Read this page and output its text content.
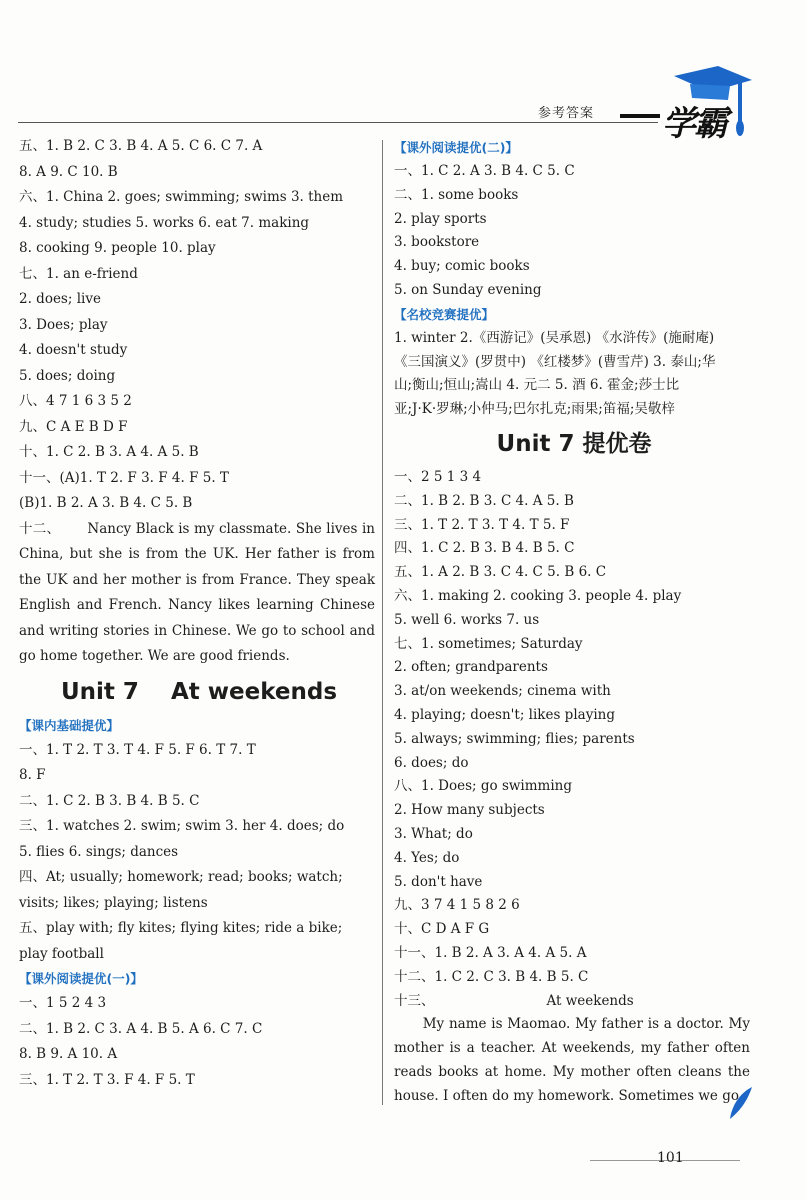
参考答案 学霸
五、1. B 2. C 3. B 4. A 5. C 6. C 7. A
8. A 9. C 10. B
六、1. China 2. goes; swimming; swims 3. them
4. study; studies 5. works 6. eat 7. making
8. cooking 9. people 10. play
七、1. an e-friend
2. does; live
3. Does; play
4. doesn't study
5. does; doing
八、4 7 1 6 3 5 2
九、C A E B D F
十、1. C 2. B 3. A 4. A 5. B
十一、(A)1. T 2. F 3. F 4. F 5. T
(B)1. B 2. A 3. B 4. C 5. B
十二、 Nancy Black is my classmate. She lives in China, but she is from the UK. Her father is from the UK and her mother is from France. They speak English and French. Nancy likes learning Chinese and writing stories in Chinese. We go to school and go home together. We are good friends.
Unit 7    At weekends
【课内基础提优】
一、1. T 2. T 3. T 4. F 5. F 6. T 7. T
8. F
二、1. C 2. B 3. B 4. B 5. C
三、1. watches 2. swim; swim 3. her 4. does; do
5. flies 6. sings; dances
四、At; usually; homework; read; books; watch;
visits; likes; playing; listens
五、play with; fly kites; flying kites; ride a bike;
play football
【课外阅读提优(一)】
一、1 5 2 4 3
二、1. B 2. C 3. A 4. B 5. A 6. C 7. C
8. B 9. A 10. A
三、1. T 2. T 3. F 4. F 5. T
【课外阅读提优(二)】
一、1. C 2. A 3. B 4. C 5. C
二、1. some books
2. play sports
3. bookstore
4. buy; comic books
5. on Sunday evening
【名校竞赛提优】
1. winter 2.《西游记》(吴承恩) 《水浒传》(施耐庵)
《三国演义》(罗贯中) 《红楼梦》(曹雪芹) 3. 泰山;华
山;衡山;恒山;嵩山 4. 元二 5. 酒 6. 霍金;莎士比
亚;J·K·罗琳;小仲马;巴尔扎克;雨果;笛福;吴敬梓
Unit 7 提优卷
一、2 5 1 3 4
二、1. B 2. B 3. C 4. A 5. B
三、1. T 2. T 3. T 4. T 5. F
四、1. C 2. B 3. B 4. B 5. C
五、1. A 2. B 3. C 4. C 5. B 6. C
六、1. making 2. cooking 3. people 4. play
5. well 6. works 7. us
七、1. sometimes; Saturday
2. often; grandparents
3. at/on weekends; cinema with
4. playing; doesn't; likes playing
5. always; swimming; flies; parents
6. does; do
八、1. Does; go swimming
2. How many subjects
3. What; do
4. Yes; do
5. don't have
九、3 7 4 1 5 8 2 6
十、C D A F G
十一、1. B 2. A 3. A 4. A 5. A
十二、1. C 2. C 3. B 4. B 5. C
十三、	At weekends
My name is Maomao. My father is a doctor. My mother is a teacher. At weekends, my father often reads books at home. My mother often cleans the house. I often do my homework. Sometimes we go
101
